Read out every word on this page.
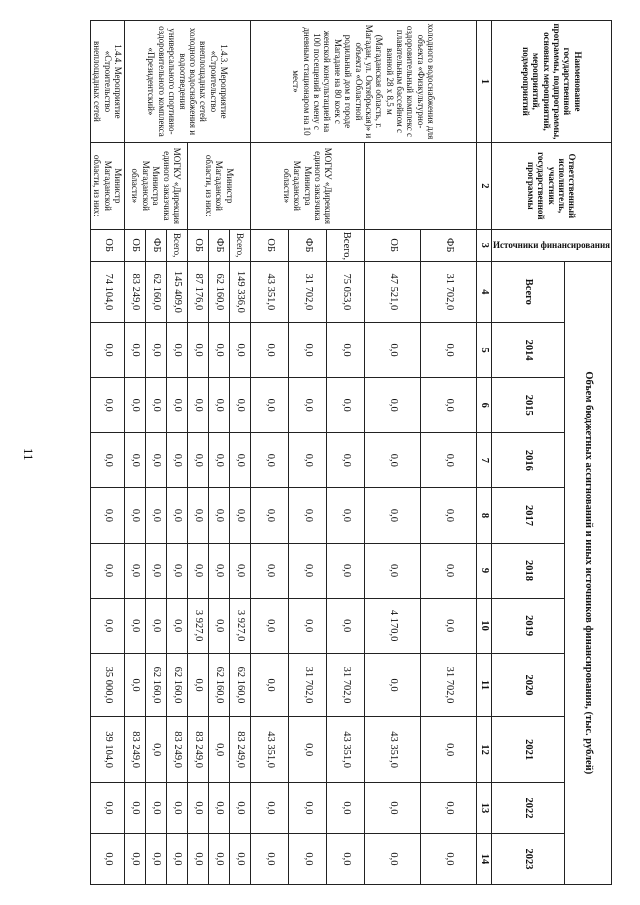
11
Наименование государственной программы, подпрограммы, основных мероприятий, мероприятий, подмероприятий	Ответственный исполнитель, участник государственной программы	Источники финансирования	Объем бюджетных ассигнований и иных источников финансирования, (тыс. рублей)										
			Всего	2014	2015	2016	2017	2018	2019	2020	2021	2022	2023
1	2	3	4	5	6	7	8	9	10	11	12	13	14
холодного водоснабжения для объекта «Физкультурно-оздоровительный комплекс с плавательным бассейном с ванной 28 х 8,5 м (Магаданская область, г. Магадан, ул. Октябрьская)» и объекта «Областной родильный дом в городе Магадане на 80 коек с женской консультацией на 100 посещений в смену с дневным стационаром на 10 мест»		ФБ	31 702,0	0,0	0,0	0,0	0,0	0,0	0,0	31 702,0	0,0	0,0	0,0
		ОБ	47 521,0	0,0	0,0	0,0	0,0	0,0	4 170,0	0,0	43 351,0	0,0	0,0
	МОГКУ «Дирекция единого заказчика Министра Магаданской области»	Всего,	75 053,0	0,0	0,0	0,0	0,0	0,0	0,0	31 702,0	43 351,0	0,0	0,0
		ФБ	31 702,0	0,0	0,0	0,0	0,0	0,0	0,0	31 702,0	0,0	0,0	0,0
		ОБ	43 351,0	0,0	0,0	0,0	0,0	0,0	0,0	0,0	43 351,0	0,0	0,0
1.4.3. Мероприятие «Строительство внеплощадных сетей холодного водоснабжения и водоотведения универсального спортивно-оздоровительного комплекса «Президентский»	Министр Магаданской области, из них:	Всего,	149 336,0	0,0	0,0	0,0	0,0	0,0	3 927,0	62 160,0	83 249,0	0,0	0,0
		ФБ	62 160,0	0,0	0,0	0,0	0,0	0,0	0,0	62 160,0	0,0	0,0	0,0
		ОБ	87 176,0	0,0	0,0	0,0	0,0	0,0	3 927,0	0,0	83 249,0	0,0	0,0
	МОГКУ «Дирекция единого заказчика Министра Магаданской области»	Всего,	145 409,0	0,0	0,0	0,0	0,0	0,0	0,0	62 160,0	83 249,0	0,0	0,0
		ФБ	62 160,0	0,0	0,0	0,0	0,0	0,0	0,0	62 160,0	0,0	0,0	0,0
		ОБ	83 249,0	0,0	0,0	0,0	0,0	0,0	0,0	0,0	83 249,0	0,0	0,0
1.4.4. Мероприятие «Строительство внеплощадных сетей	Министр Магаданской области, из них:	ОБ	74 104,0	0,0	0,0	0,0	0,0	0,0	0,0	35 000,0	39 104,0	0,0	0,0
